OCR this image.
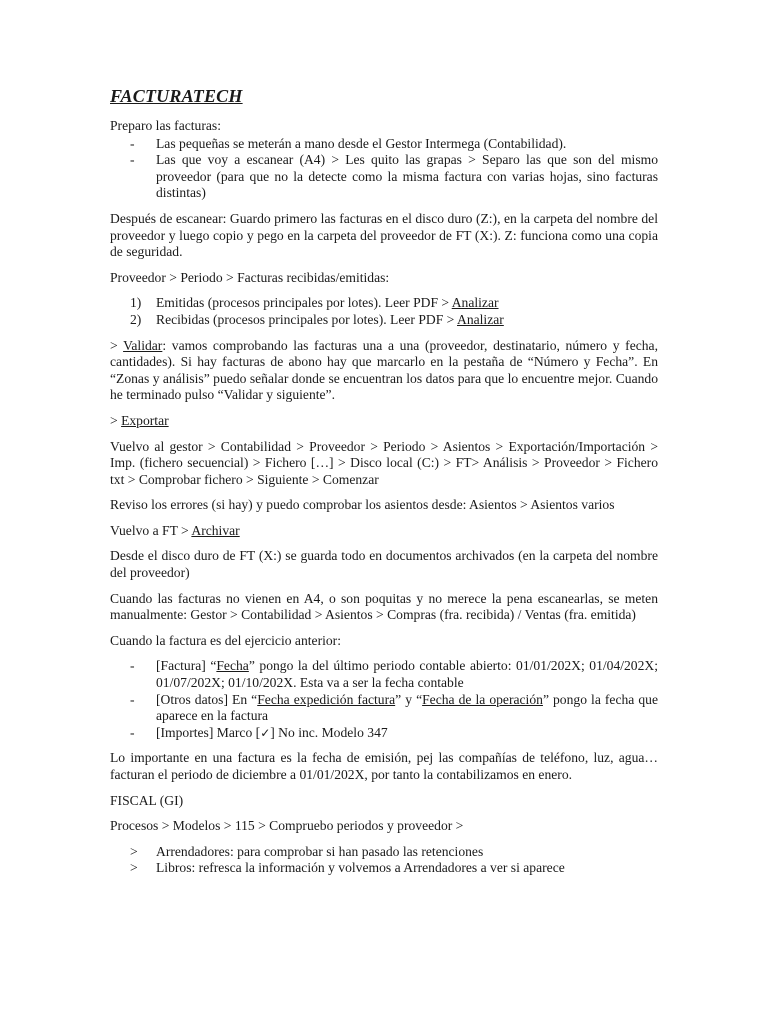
FACTURATECH

Preparo las facturas:

- Las pequeñas se meterán a mano desde el Gestor Intermega (Contabilidad).
- Las que voy a escanear (A4) > Les quito las grapas > Separo las que son del mismo proveedor (para que no la detecte como la misma factura con varias hojas, sino facturas distintas)

Después de escanear: Guardo primero las facturas en el disco duro (Z:), en la carpeta del nombre del proveedor y luego copio y pego en la carpeta del proveedor de FT (X:). Z: funciona como una copia de seguridad.

Proveedor > Periodo > Facturas recibidas/emitidas:

1) Emitidas (procesos principales por lotes). Leer PDF > Analizar
2) Recibidas (procesos principales por lotes). Leer PDF > Analizar

> Validar: vamos comprobando las facturas una a una (proveedor, destinatario, número y fecha, cantidades). Si hay facturas de abono hay que marcarlo en la pestaña de “Número y Fecha”. En “Zonas y análisis” puedo señalar donde se encuentran los datos para que lo encuentre mejor. Cuando he terminado pulso “Validar y siguiente”.

> Exportar

Vuelvo al gestor > Contabilidad > Proveedor > Periodo > Asientos > Exportación/Importación > Imp. (fichero secuencial) > Fichero […] > Disco local (C:) > FT> Análisis > Proveedor > Fichero txt > Comprobar fichero > Siguiente > Comenzar

Reviso los errores (si hay) y puedo comprobar los asientos desde: Asientos > Asientos varios

Vuelvo a FT > Archivar

Desde el disco duro de FT (X:) se guarda todo en documentos archivados (en la carpeta del nombre del proveedor)

Cuando las facturas no vienen en A4, o son poquitas y no merece la pena escanearlas, se meten manualmente: Gestor > Contabilidad > Asientos > Compras (fra. recibida) / Ventas (fra. emitida)

Cuando la factura es del ejercicio anterior:

- [Factura] “Fecha” pongo la del último periodo contable abierto: 01/01/202X; 01/04/202X; 01/07/202X; 01/10/202X. Esta va a ser la fecha contable
- [Otros datos] En “Fecha expedición factura” y “Fecha de la operación” pongo la fecha que aparece en la factura
- [Importes] Marco [✓] No inc. Modelo 347

Lo importante en una factura es la fecha de emisión, pej las compañías de teléfono, luz, agua… facturan el periodo de diciembre a 01/01/202X, por tanto la contabilizamos en enero.

FISCAL (GI)

Procesos > Modelos > 115 > Compruebo periodos y proveedor >

> Arrendadores: para comprobar si han pasado las retenciones
> Libros: refresca la información y volvemos a Arrendadores a ver si aparece
